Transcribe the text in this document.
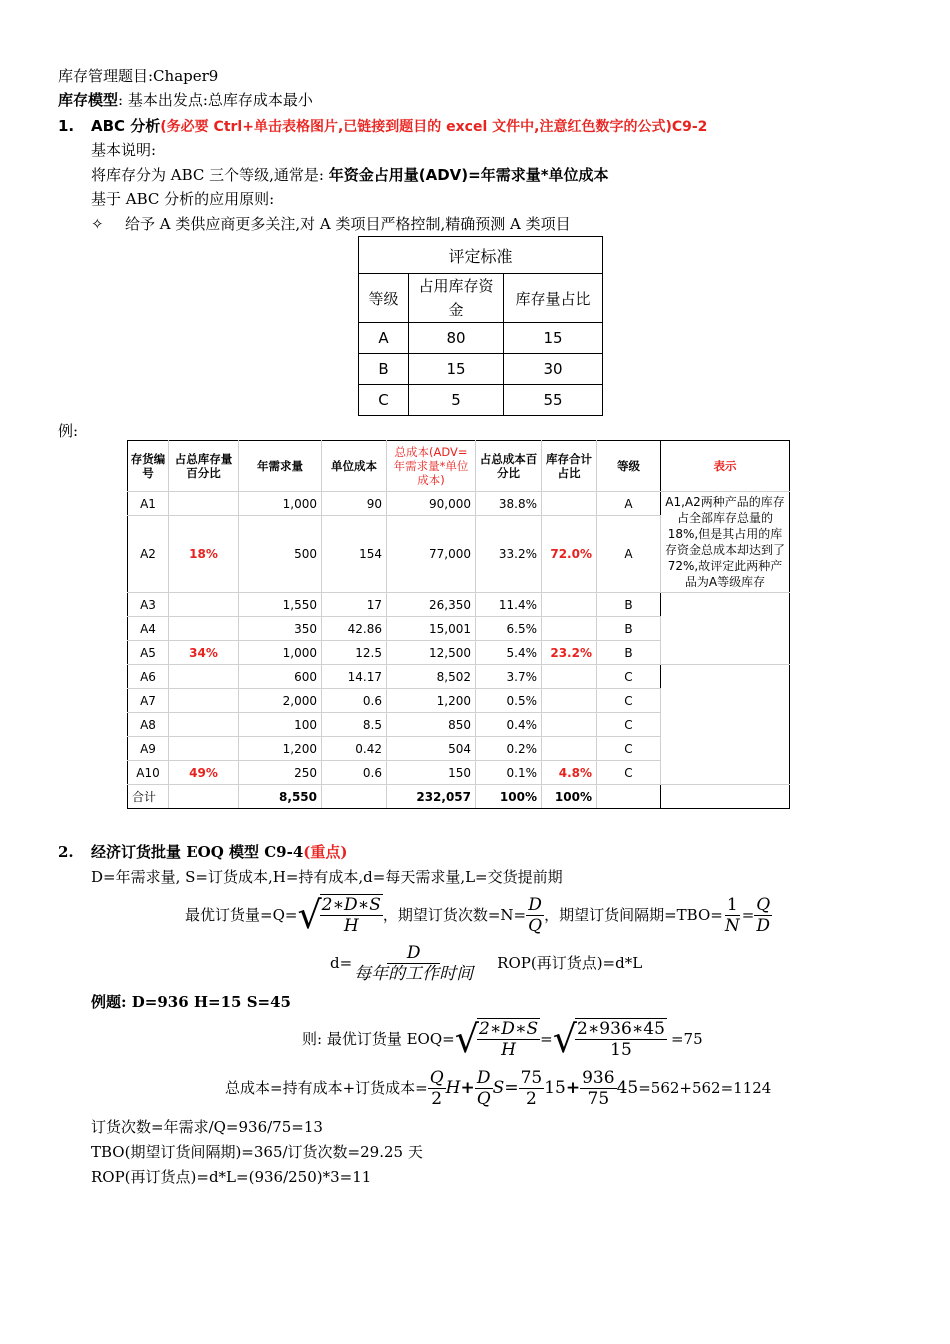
库存管理题目:Chaper9
库存模型: 基本出发点:总库存成本最小
1. ABC 分析(务必要 Ctrl+单击表格图片,已链接到题目的 excel 文件中,注意红色数字的公式)C9-2
基本说明:
将库存分为 ABC 三个等级,通常是: 年资金占用量(ADV)=年需求量*单位成本
基于 ABC 分析的应用原则:
✧ 给予 A 类供应商更多关注,对 A 类项目严格控制,精确预测 A 类项目
评定标准		
等级	占用库存资金	库存量占比
A	80	15
B	15	30
C	5	55
例:
存货编号	占总库存量百分比	年需求量	单位成本	总成本(ADV=年需求量*单位成本)	占总成本百分比	库存合计占比	等级	表示
A1		1,000	90	90,000	38.8%		A	A1,A2两种产品的库存占全部库存总量的18%,但是其占用的库存资金总成本却达到了72%,故评定此两种产品为A等级库存
A2	18%	500	154	77,000	33.2%	72.0%	A	
A3		1,550	17	26,350	11.4%		B	
A4		350	42.86	15,001	6.5%		B	
A5	34%	1,000	12.5	12,500	5.4%	23.2%	B	
A6		600	14.17	8,502	3.7%		C	
A7		2,000	0.6	1,200	0.5%		C	
A8		100	8.5	850	0.4%		C	
A9		1,200	0.42	504	0.2%		C	
A10	49%	250	0.6	150	0.1%	4.8%	C	
合计		8,550		232,057	100%	100%		
2. 经济订货批量 EOQ 模型 C9-4(重点)
D=年需求量, S=订货成本,H=持有成本,d=每天需求量,L=交货提前期
最优订货量=Q= √
$\frac{2∗D∗S}{H}$ ，期望订货次数$=N= \frac{D}{Q}$ ，期望订货间隔期$=TBO= \frac{1}{N} = \frac{Q}{D}$
$d= \frac{D}{\text{每年的工作时间}} ROP$(再订货点)=d*L
例题: D=936 H=15 S=45
则: 最优订货量 EOQ= √
$\frac{2∗D∗S}{H}$ = √
$\frac{2∗936∗45}{15} =75$
总成本=持有成本+订货成本= $\frac{Q}{2}$ $H + \frac{D}{Q}$ $S = \frac{75}{2} 15 + \frac{936}{75} 45 =562+562=1124$
订货次数=年需求/Q=936/75=13
TBO(期望订货间隔期)=365/订货次数=29.25 天
ROP(再订货点)=d*L=(936/250)*3=11
